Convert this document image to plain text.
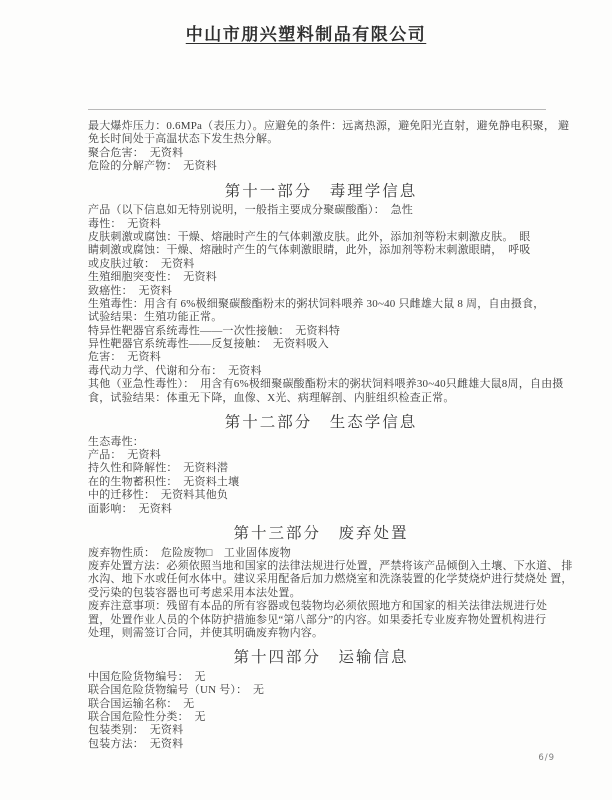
中山市朋兴塑料制品有限公司
最大爆炸压力：0.6MPa（表压力）。应避免的条件：远离热源，避免阳光直射，避免静电积聚， 避
免长时间处于高温状态下发生热分解。
聚合危害：　无资料
危险的分解产物：　无资料
第十一部分　毒理学信息
产品（以下信息如无特别说明，一般指主要成分聚碳酸酯）：　急性
毒性：　无资料
皮肤刺激或腐蚀：干燥、熔融时产生的气体刺激皮肤。此外，添加剂等粉末刺激皮肤。　眼
睛刺激或腐蚀：干燥、熔融时产生的气体刺激眼睛，此外，添加剂等粉末刺激眼睛，　呼吸
或皮肤过敏：　无资料
生殖细胞突变性：　无资料
致癌性：　无资料
生殖毒性：用含有 6%极细聚碳酸酯粉末的粥状饲料喂养 30~40 只雌雄大鼠 8 周，自由摄食，
试验结果：生殖功能正常。
特异性靶器官系统毒性——一次性接触：　无资料特
异性靶器官系统毒性——反复接触：　无资料吸入
危害：　无资料
毒代动力学、代谢和分布：　无资料
其他（亚急性毒性）：　用含有6%极细聚碳酸酯粉末的粥状饲料喂养30~40只雌雄大鼠8周，自由摄
食，试验结果：体重无下降，血像、X光、病理解剖、内脏组织检查正常。
第十二部分　生态学信息
生态毒性：
产品：　无资料
持久性和降解性：　无资料潜
在的生物蓄积性：　无资料土壤
中的迁移性：　无资料其他负
面影响：　无资料
第十三部分　废弃处置
废弃物性质：　危险废物□　工业固体废物
废弃处置方法：必须依照当地和国家的法律法规进行处置，严禁将该产品倾倒入土壤、下水道、 排
水沟、地下水或任何水体中。建议采用配备后加力燃烧室和洗涤装置的化学焚烧炉进行焚烧处 置，
受污染的包装容器也可考虑采用本法处置。
废弃注意事项：残留有本品的所有容器或包装物均必须依照地方和国家的相关法律法规进行处
置，处置作业人员的个体防护措施参见“第八部分”的内容。如果委托专业废弃物处置机构进行
处理，则需签订合同，并使其明确废弃物内容。
第十四部分　运输信息
中国危险货物编号：　无
联合国危险货物编号（UN 号）：　无
联合国运输名称：　无
联合国危险性分类：　无
包装类别：　无资料
包装方法：　无资料
6/9
